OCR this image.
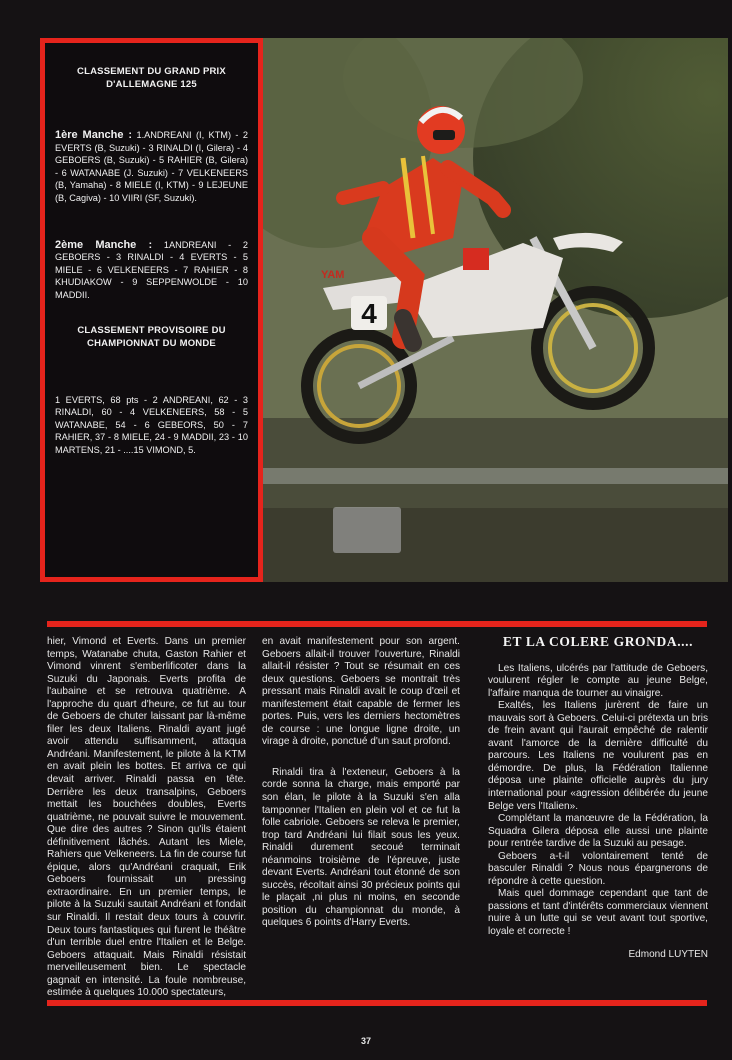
CLASSEMENT DU GRAND PRIX D'ALLEMAGNE 125
1ère Manche : 1.ANDREANI (I, KTM) - 2 EVERTS (B, Suzuki) - 3 RINALDI (I, Gilera) - 4 GEBOERS (B, Suzuki) - 5 RAHIER (B, Gilera) - 6 WATANABE (J. Suzuki) - 7 VELKENEERS (B, Yamaha) - 8 MIELE (I, KTM) - 9 LEJEUNE (B, Cagiva) - 10 VIIRI (SF, Suzuki).
2ème Manche : 1ANDREANI - 2 GEBOERS - 3 RINALDI - 4 EVERTS - 5 MIELE - 6 VELKENEERS - 7 RAHIER - 8 KHUDIAKOW - 9 SEPPENWOLDE - 10 MADDII.
CLASSEMENT PROVISOIRE DU CHAMPIONNAT DU MONDE
1 EVERTS, 68 pts - 2 ANDREANI, 62 - 3 RINALDI, 60 - 4 VELKENEERS, 58 - 5 WATANABE, 54 - 6 GEBEORS, 50 - 7 RAHIER, 37 - 8 MIELE, 24 - 9 MADDII, 23 - 10 MARTENS, 21 - ....15 VIMOND, 5.
4
YAM

hier, Vimond et Everts. Dans un premier temps, Watanabe chuta, Gaston Rahier et Vimond vinrent s'emberlificoter dans la Suzuki du Japonais. Everts profita de l'aubaine et se retrouva quatrième. A l'approche du quart d'heure, ce fut au tour de Geboers de chuter laissant par là-même filer les deux Italiens. Rinaldi ayant jugé avoir attendu suffisamment, attaqua Andréani. Manifestement, le pilote à la KTM en avait plein les bottes. Et arriva ce qui devait arriver. Rinaldi passa en tête. Derrière les deux transalpins, Geboers mettait les bouchées doubles, Everts quatrième, ne pouvait suivre le mouvement. Que dire des autres ? Sinon qu'ils étaient définitivement lâchés. Autant les Miele, Rahiers que Velkeneers. La fin de course fut épique, alors qu'Andréani craquait, Erik Geboers fournissait un pressing extraordinaire. En un premier temps, le pilote à la Suzuki sautait Andréani et fondait sur Rinaldi. Il restait deux tours à couvrir. Deux tours fantastiques qui furent le théâtre d'un terrible duel entre l'Italien et le Belge. Geboers attaquait. Mais Rinaldi résistait merveilleusement bien. Le spectacle gagnait en intensité. La foule nombreuse, estimée à quelques 10.000 spectateurs,

en avait manifestement pour son argent. Geboers allait-il trouver l'ouverture, Rinaldi allait-il résister ? Tout se résumait en ces deux questions. Geboers se montrait très pressant mais Rinaldi avait le coup d'œil et manifestement était capable de fermer les portes. Puis, vers les derniers hectomètres de course : une longue ligne droite, un virage à droite, ponctué d'un saut profond.

Rinaldi tira à l'exteneur, Geboers à la corde sonna la charge, mais emporté par son élan, le pilote à la Suzuki s'en alla tamponner l'Italien en plein vol et ce fut la folle cabriole. Geboers se releva le premier, trop tard Andréani lui filait sous les yeux. Rinaldi durement secoué terminait néanmoins troisième de l'épreuve, juste devant Everts. Andréani tout étonné de son succès, récoltait ainsi 30 précieux points qui le plaçait ,ni plus ni moins, en seconde position du championnat du monde, à quelques 6 points d'Harry Everts.

ET LA COLERE GRONDA....

Les Italiens, ulcérés par l'attitude de Geboers, voulurent régler le compte au jeune Belge, l'affaire manqua de tourner au vinaigre.

Exaltés, les Italiens jurèrent de faire un mauvais sort à Geboers. Celui-ci prétexta un bris de frein avant qui l'aurait empêché de ralentir avant l'amorce de la dernière difficulté du parcours. Les Italiens ne voulurent pas en démordre. De plus, la Fédération Italienne déposa une plainte officielle auprès du jury international pour «agression délibérée du jeune Belge vers l'Italien».

Complétant la manœuvre de la Fédération, la Squadra Gilera déposa elle aussi une plainte pour rentrée tardive de la Suzuki au pesage.

Geboers a-t-il volontairement tenté de basculer Rinaldi ? Nous nous épargnerons de répondre à cette question.

Mais quel dommage cependant que tant de passions et tant d'intérêts commerciaux viennent nuire à un lutte qui se veut avant tout sportive, loyale et correcte !

Edmond LUYTEN
37
